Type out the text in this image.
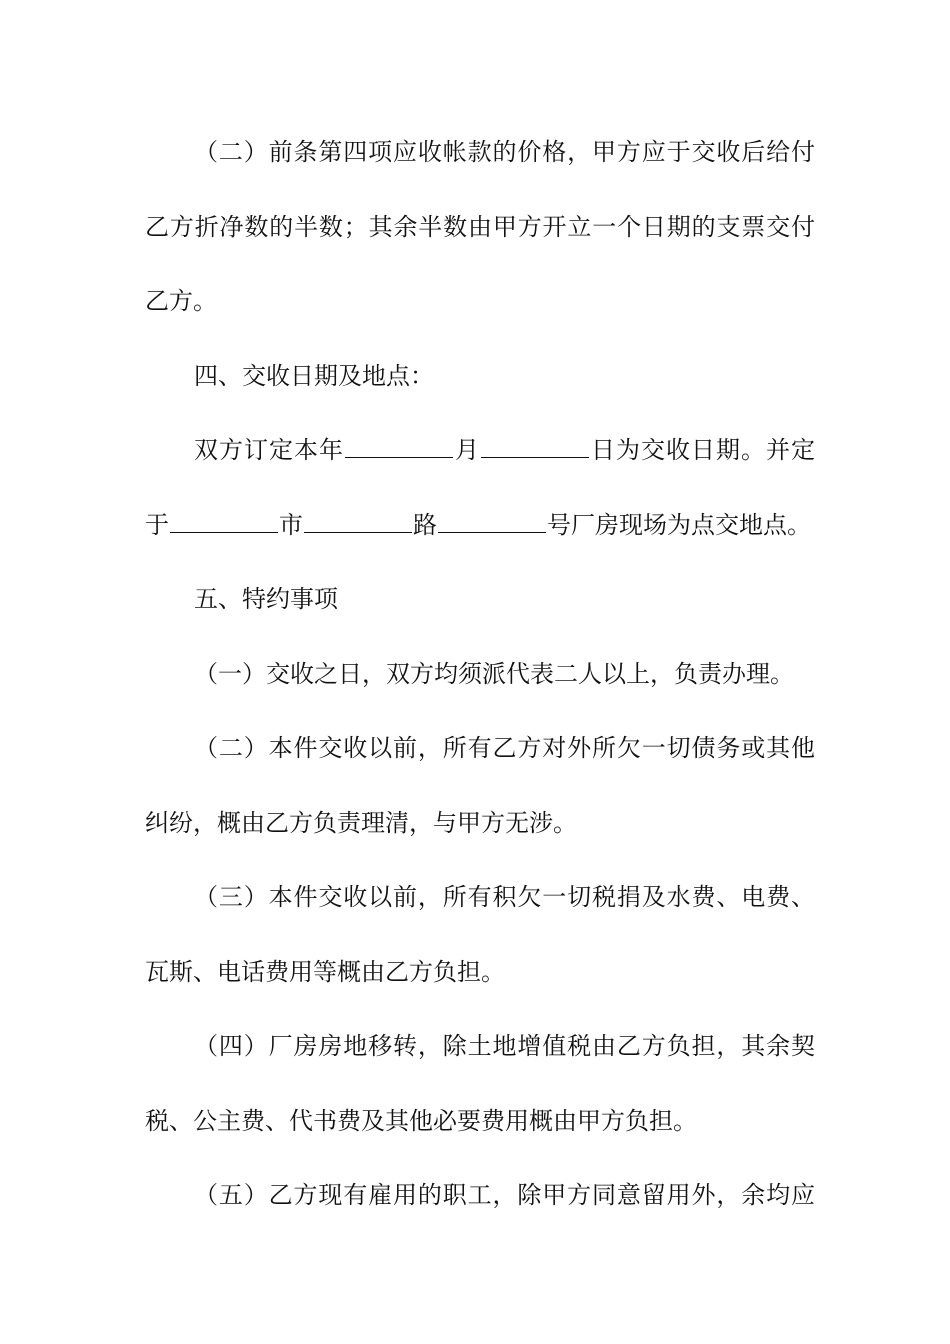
（二）前条第四项应收帐款的价格，甲方应于交收后给付
乙方折净数的半数；其余半数由甲方开立一个日期的支票交付
乙方。
四、交收日期及地点：
双方订定本年	月	日为交收日期。并定
于	市	路	号厂房现场为点交地点。
五、特约事项
（一）交收之日，双方均须派代表二人以上，负责办理。
（二）本件交收以前，所有乙方对外所欠一切债务或其他
纠纷，概由乙方负责理清，与甲方无涉。
（三）本件交收以前，所有积欠一切税捐及水费、电费、
瓦斯、电话费用等概由乙方负担。
（四）厂房房地移转，除土地增值税由乙方负担，其余契
税、公主费、代书费及其他必要费用概由甲方负担。
（五）乙方现有雇用的职工，除甲方同意留用外，余均应
